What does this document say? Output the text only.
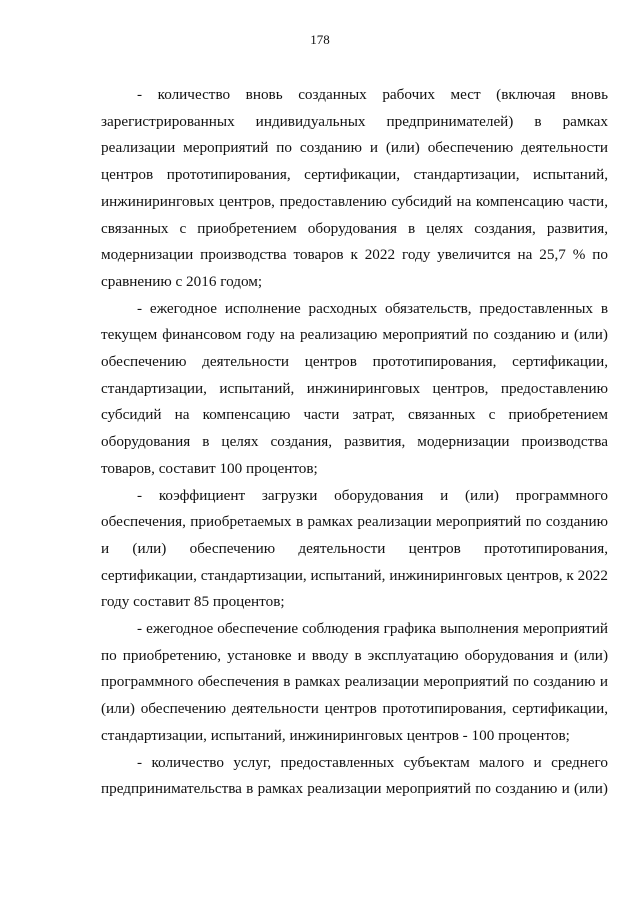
178
- количество вновь созданных рабочих мест (включая вновь
зарегистрированных индивидуальных предпринимателей) в рамках
реализации мероприятий по созданию и (или) обеспечению деятельности
центров прототипирования, сертификации, стандартизации, испытаний,
инжиниринговых центров, предоставлению субсидий на компенсацию части,
связанных с приобретением оборудования в целях создания, развития,
модернизации производства товаров к 2022 году увеличится на 25,7 % по
сравнению с 2016 годом;
- ежегодное исполнение расходных обязательств, предоставленных в
текущем финансовом году на реализацию мероприятий по созданию и (или)
обеспечению деятельности центров прототипирования, сертификации,
стандартизации, испытаний, инжиниринговых центров, предоставлению
субсидий на компенсацию части затрат, связанных с приобретением
оборудования в целях создания, развития, модернизации производства
товаров, составит 100 процентов;
- коэффициент загрузки оборудования и (или) программного
обеспечения, приобретаемых в рамках реализации мероприятий по созданию
и (или) обеспечению деятельности центров прототипирования,
сертификации, стандартизации, испытаний, инжиниринговых центров, к 2022
году составит 85 процентов;
- ежегодное обеспечение соблюдения графика выполнения мероприятий
по приобретению, установке и вводу в эксплуатацию оборудования и (или)
программного обеспечения в рамках реализации мероприятий по созданию и
(или) обеспечению деятельности центров прототипирования, сертификации,
стандартизации, испытаний, инжиниринговых центров - 100 процентов;
- количество услуг, предоставленных субъектам малого и среднего
предпринимательства в рамках реализации мероприятий по созданию и (или)
